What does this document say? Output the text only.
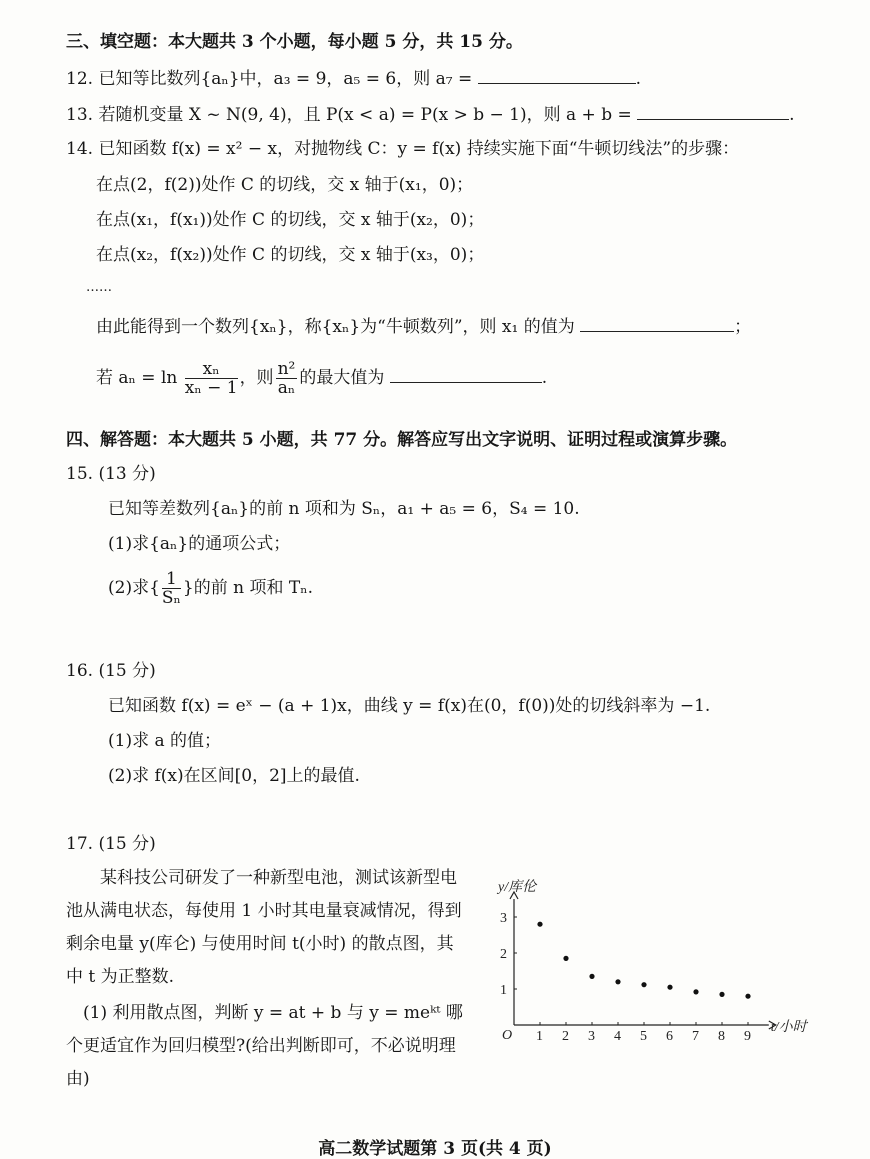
三、填空题：本大题共 3 个小题，每小题 5 分，共 15 分。
12. 已知等比数列{aₙ}中，a₃ = 9，a₅ = 6，则 a₇ =	.
13. 若随机变量 X ~ N(9, 4)，且 P(x < a) = P(x > b − 1)，则 a + b =	.
14. 已知函数 f(x) = x² − x，对抛物线 C：y = f(x) 持续实施下面“牛顿切线法”的步骤：
在点(2，f(2))处作 C 的切线，交 x 轴于(x₁，0)；
在点(x₁，f(x₁))处作 C 的切线，交 x 轴于(x₂，0)；
在点(x₂，f(x₂))处作 C 的切线，交 x 轴于(x₃，0)；
……
由此能得到一个数列{xₙ}，称{xₙ}为“牛顿数列”，则 x₁ 的值为	；
若 $a_n = \ln \frac{\text{xₙ}}{\text{xₙ − 1}}$ ，则 $\frac{\text{n²}}{\text{aₙ}}$ 的最大值为	.
四、解答题：本大题共 5 小题，共 77 分。解答应写出文字说明、证明过程或演算步骤。
15. (13 分)
已知等差数列{aₙ}的前 n 项和为 Sₙ，a₁ + a₅ = 6，S₄ = 10.
(1)求{aₙ}的通项公式；
(2)求{ $\frac{1}{\text{Sₙ}}$ }的前 n 项和 Tₙ.
16. (15 分)
已知函数 f(x) = eˣ − (a + 1)x，曲线 y = f(x)在(0，f(0))处的切线斜率为 −1.
(1)求 a 的值；
(2)求 f(x)在区间[0，2]上的最值.
17. (15 分)
　　某科技公司研发了一种新型电池，测试该新型电池从满电状态，每使用 1 小时其电量衰减情况，得到剩余电量 y(库仑) 与使用时间 t(小时) 的散点图，其中 t 为正整数.
　(1) 利用散点图，判断 y = at + b 与 y = meᵏᵗ 哪个更适宜作为回归模型?(给出判断即可，不必说明理由)
O
t/小时
y/库伦
1 2 3 4 5 6 7 8 9
1
2
3
高二数学试题第 3 页(共 4 页)
